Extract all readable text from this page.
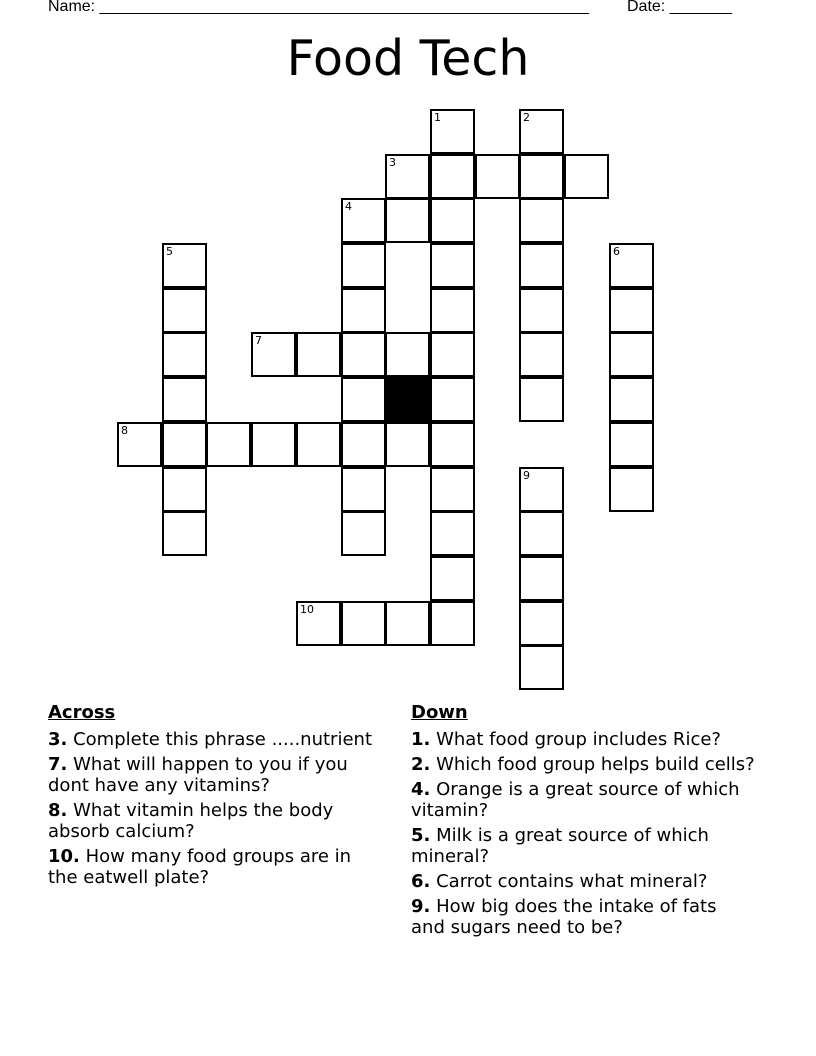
Name: _______________________________________________________ Date: _______
Food Tech
1	2
3
4
5	6
7
8
9
10
Across
3. Complete this phrase .....nutrient
7. What will happen to you if you dont have any vitamins?
8. What vitamin helps the body absorb calcium?
10. How many food groups are in the eatwell plate?
Down
1. What food group includes Rice?
2. Which food group helps build cells?
4. Orange is a great source of which vitamin?
5. Milk is a great source of which mineral?
6. Carrot contains what mineral?
9. How big does the intake of fats and sugars need to be?
